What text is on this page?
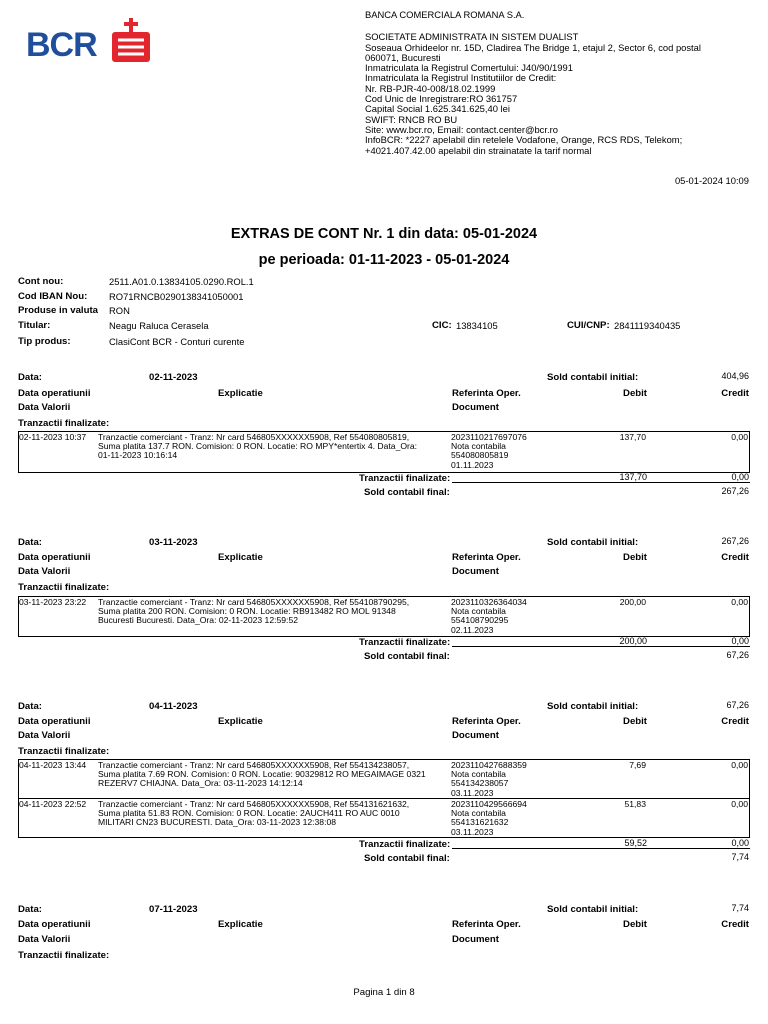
BCR
BANCA COMERCIALA ROMANA S.A.
SOCIETATE ADMINISTRATA IN SISTEM DUALIST
Soseaua Orhideelor nr. 15D, Cladirea The Bridge 1, etajul 2, Sector 6, cod postal
060071, Bucuresti
Inmatriculata la Registrul Comertului: J40/90/1991
Inmatriculata la Registrul Institutiilor de Credit:
Nr. RB-PJR-40-008/18.02.1999
Cod Unic de Inregistrare:RO 361757
Capital Social 1.625.341.625,40 lei
SWIFT: RNCB RO BU
Site: www.bcr.ro, Email: contact.center@bcr.ro
InfoBCR: *2227 apelabil din retelele Vodafone, Orange, RCS RDS, Telekom;
+4021.407.42.00 apelabil din strainatate la tarif normal
05-01-2024 10:09
EXTRAS DE CONT Nr. 1 din data: 05-01-2024
pe perioada: 01-11-2023 - 05-01-2024
Cont nou:	2511.A01.0.13834105.0290.ROL.1
Cod IBAN Nou: RO71RNCB0290138341050001
Produse in valuta RON
Titular:	Neagu Raluca Cerasela	CIC: 13834105	CUI/CNP: 2841119340435
Tip produs:	ClasiCont BCR - Conturi curente
Data:	02-11-2023	Sold contabil initial:	404,96
Data operatiunii	Explicatie	Referinta Oper.	Debit	Credit
Data Valorii	Document
Tranzactii finalizate:
02-11-2023 10:37 Tranzactie comerciant - Tranz: Nr card 546805XXXXXX5908, Ref 554080805819,
Suma platita 137.7 RON. Comision: 0 RON. Locatie: RO MPY*entertix 4. Data_Ora:
01-11-2023 10:16:14
2023110217697076
Nota contabila
554080805819
01.11.2023
137,70	0,00
Tranzactii finalizate:	137,70	0,00
Sold contabil final:	267,26
Data:	03-11-2023	Sold contabil initial:	267,26
Data operatiunii	Explicatie	Referinta Oper.	Debit	Credit
Data Valorii	Document
Tranzactii finalizate:
03-11-2023 23:22 Tranzactie comerciant - Tranz: Nr card 546805XXXXXX5908, Ref 554108790295,
Suma platita 200 RON. Comision: 0 RON. Locatie: RB913482 RO MOL 91348
Bucuresti Bucuresti. Data_Ora: 02-11-2023 12:59:52
2023110326364034
Nota contabila
554108790295
02.11.2023
200,00	0,00
Tranzactii finalizate:	200,00	0,00
Sold contabil final:	67,26
Data:	04-11-2023	Sold contabil initial:	67,26
Data operatiunii	Explicatie	Referinta Oper.	Debit	Credit
Data Valorii	Document
Tranzactii finalizate:
04-11-2023 13:44 Tranzactie comerciant - Tranz: Nr card 546805XXXXXX5908, Ref 554134238057,
Suma platita 7.69 RON. Comision: 0 RON. Locatie: 90329812 RO MEGAIMAGE 0321
REZERV7 CHIAJNA. Data_Ora: 03-11-2023 14:12:14
2023110427688359
Nota contabila
554134238057
03.11.2023
7,69	0,00
04-11-2023 22:52 Tranzactie comerciant - Tranz: Nr card 546805XXXXXX5908, Ref 554131621632,
Suma platita 51.83 RON. Comision: 0 RON. Locatie: 2AUCH411 RO AUC 0010
MILITARI CN23 BUCURESTI. Data_Ora: 03-11-2023 12:38:08
2023110429566694
Nota contabila
554131621632
03.11.2023
51,83	0,00
Tranzactii finalizate:	59,52	0,00
Sold contabil final:	7,74
Data:	07-11-2023	Sold contabil initial:	7,74
Data operatiunii	Explicatie	Referinta Oper.	Debit	Credit
Data Valorii	Document
Tranzactii finalizate:
Pagina 1 din 8
